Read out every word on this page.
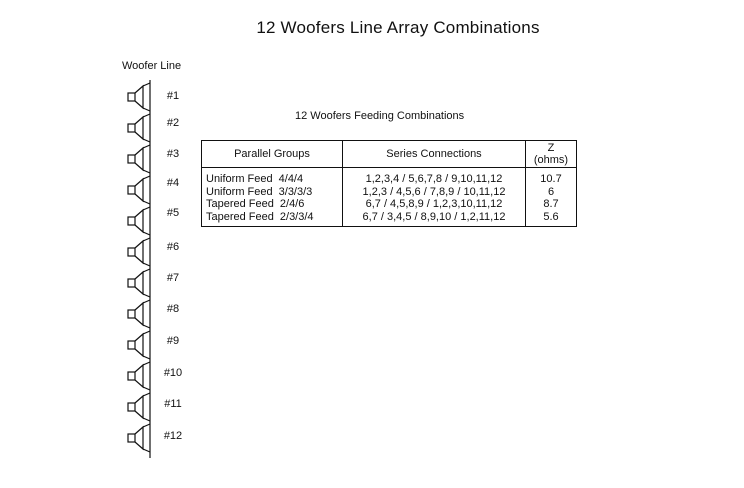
12 Woofers Line Array Combinations
Woofer Line
#1
#2
#3
#4
#5
#6
#7
#8
#9
#10
#11
#12
12 Woofers Feeding Combinations
Parallel Groups	Series Connections	Z (ohms)
Uniform Feed 4/4/4	1,2,3,4 / 5,6,7,8 / 9,10,11,12	10.7
Uniform Feed 3/3/3/3	1,2,3 / 4,5,6 / 7,8,9 / 10,11,12	6
Tapered Feed 2/4/6	6,7 / 4,5,8,9 / 1,2,3,10,11,12	8.7
Tapered Feed 2/3/3/4	6,7 / 3,4,5 / 8,9,10 / 1,2,11,12	5.6
